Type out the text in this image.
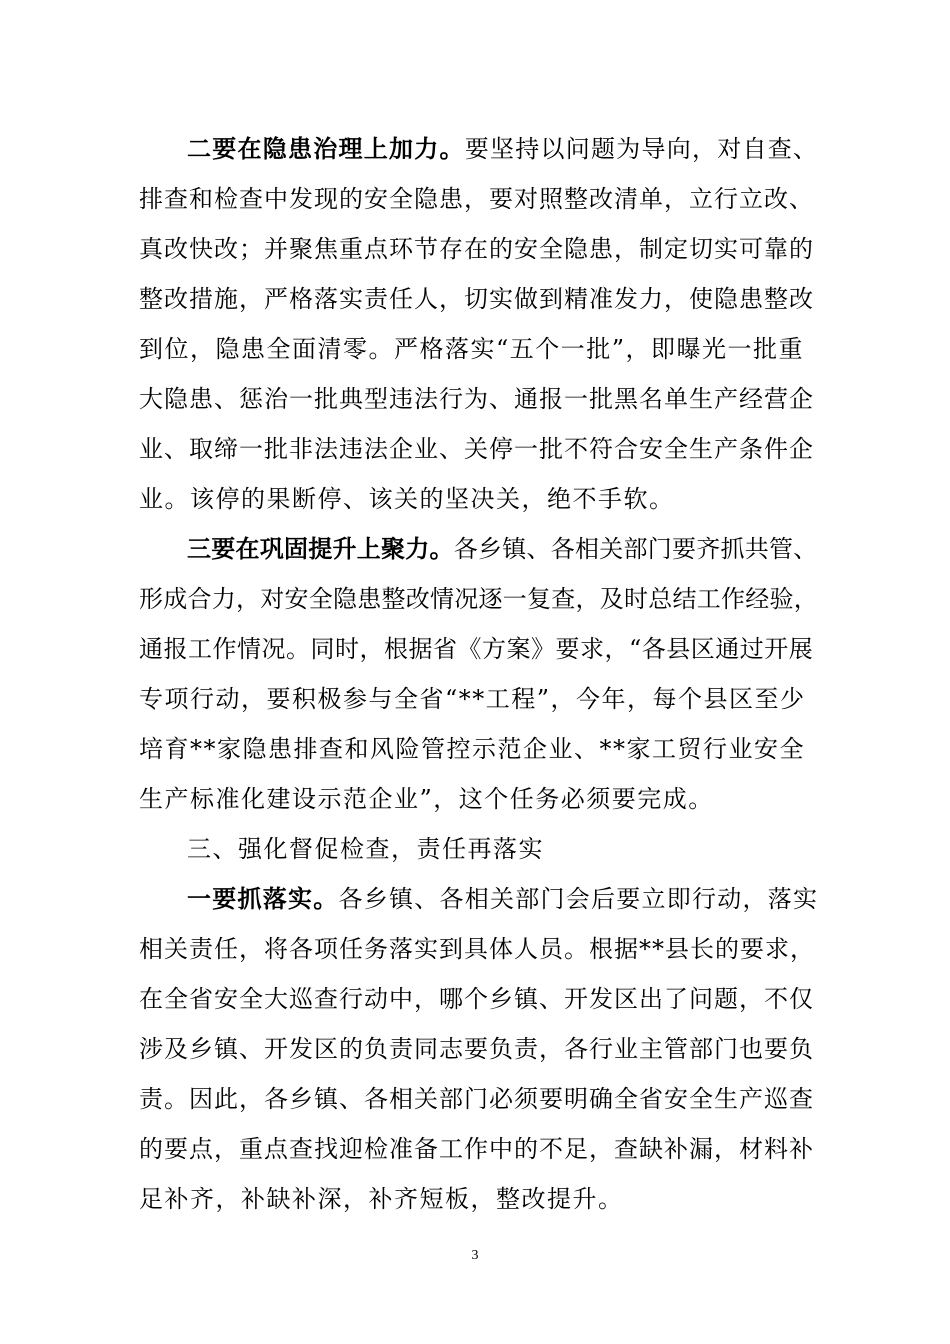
二要在隐患治理上加力。要坚持以问题为导向，对自查、
排查和检查中发现的安全隐患，要对照整改清单，立行立改、
真改快改；并聚焦重点环节存在的安全隐患，制定切实可靠的
整改措施，严格落实责任人，切实做到精准发力，使隐患整改
到位，隐患全面清零。严格落实“五个一批”，即曝光一批重
大隐患、惩治一批典型违法行为、通报一批黑名单生产经营企
业、取缔一批非法违法企业、关停一批不符合安全生产条件企
业。该停的果断停、该关的坚决关，绝不手软。
三要在巩固提升上聚力。各乡镇、各相关部门要齐抓共管、
形成合力，对安全隐患整改情况逐一复查，及时总结工作经验，
通报工作情况。同时，根据省《方案》要求，“各县区通过开展
专项行动，要积极参与全省“**工程”，今年，每个县区至少
培育**家隐患排查和风险管控示范企业、**家工贸行业安全
生产标准化建设示范企业”，这个任务必须要完成。
三、强化督促检查，责任再落实
一要抓落实。各乡镇、各相关部门会后要立即行动，落实
相关责任，将各项任务落实到具体人员。根据**县长的要求，
在全省安全大巡查行动中，哪个乡镇、开发区出了问题，不仅
涉及乡镇、开发区的负责同志要负责，各行业主管部门也要负
责。因此，各乡镇、各相关部门必须要明确全省安全生产巡查
的要点，重点查找迎检准备工作中的不足，查缺补漏，材料补
足补齐，补缺补深，补齐短板，整改提升。
3
